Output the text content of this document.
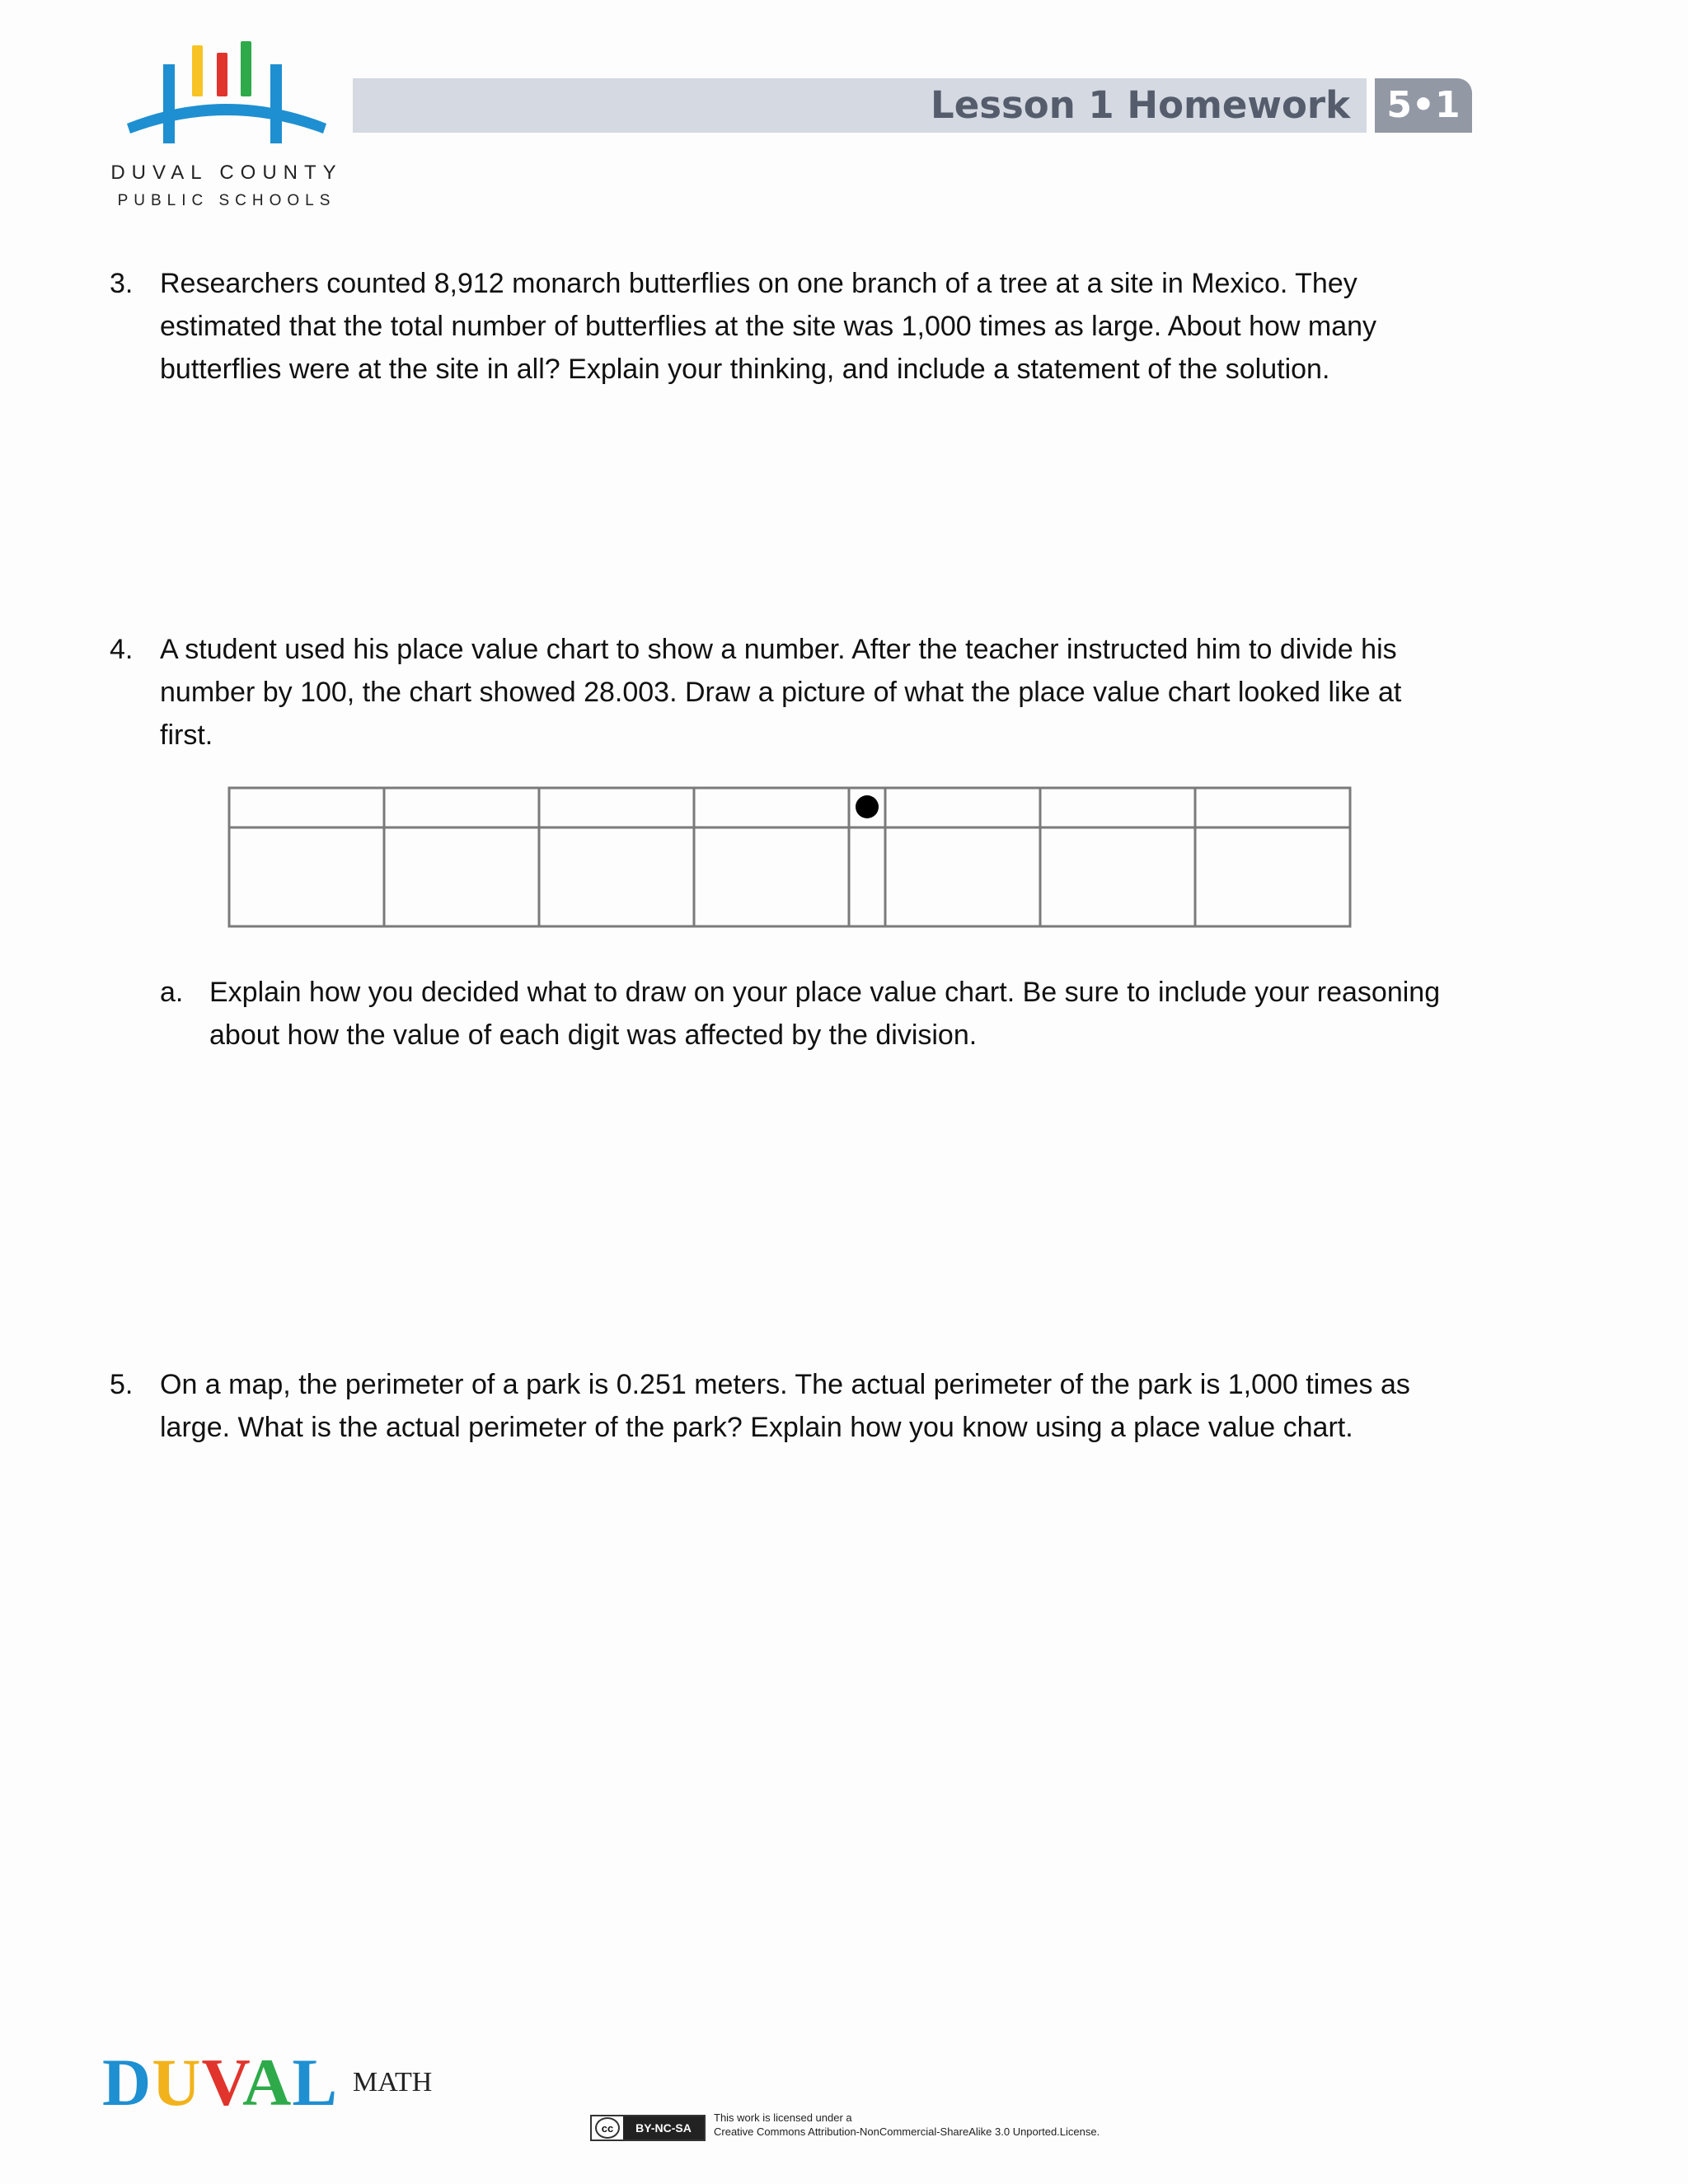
DUVAL COUNTY
PUBLIC SCHOOLS
Lesson 1 Homework	5•1
3. Researchers counted 8,912 monarch butterflies on one branch of a tree at a site in Mexico. They
estimated that the total number of butterflies at the site was 1,000 times as large. About how many
butterflies were at the site in all? Explain your thinking, and include a statement of the solution.
4. A student used his place value chart to show a number. After the teacher instructed him to divide his
number by 100, the chart showed 28.003. Draw a picture of what the place value chart looked like at
first.
a. Explain how you decided what to draw on your place value chart. Be sure to include your reasoning
about how the value of each digit was affected by the division.
5. On a map, the perimeter of a park is 0.251 meters. The actual perimeter of the park is 1,000 times as
large. What is the actual perimeter of the park? Explain how you know using a place value chart.
DUVAL MATH
cc	BY-NC-SA
This work is licensed under a
Creative Commons Attribution-NonCommercial-ShareAlike 3.0 Unported.License.
